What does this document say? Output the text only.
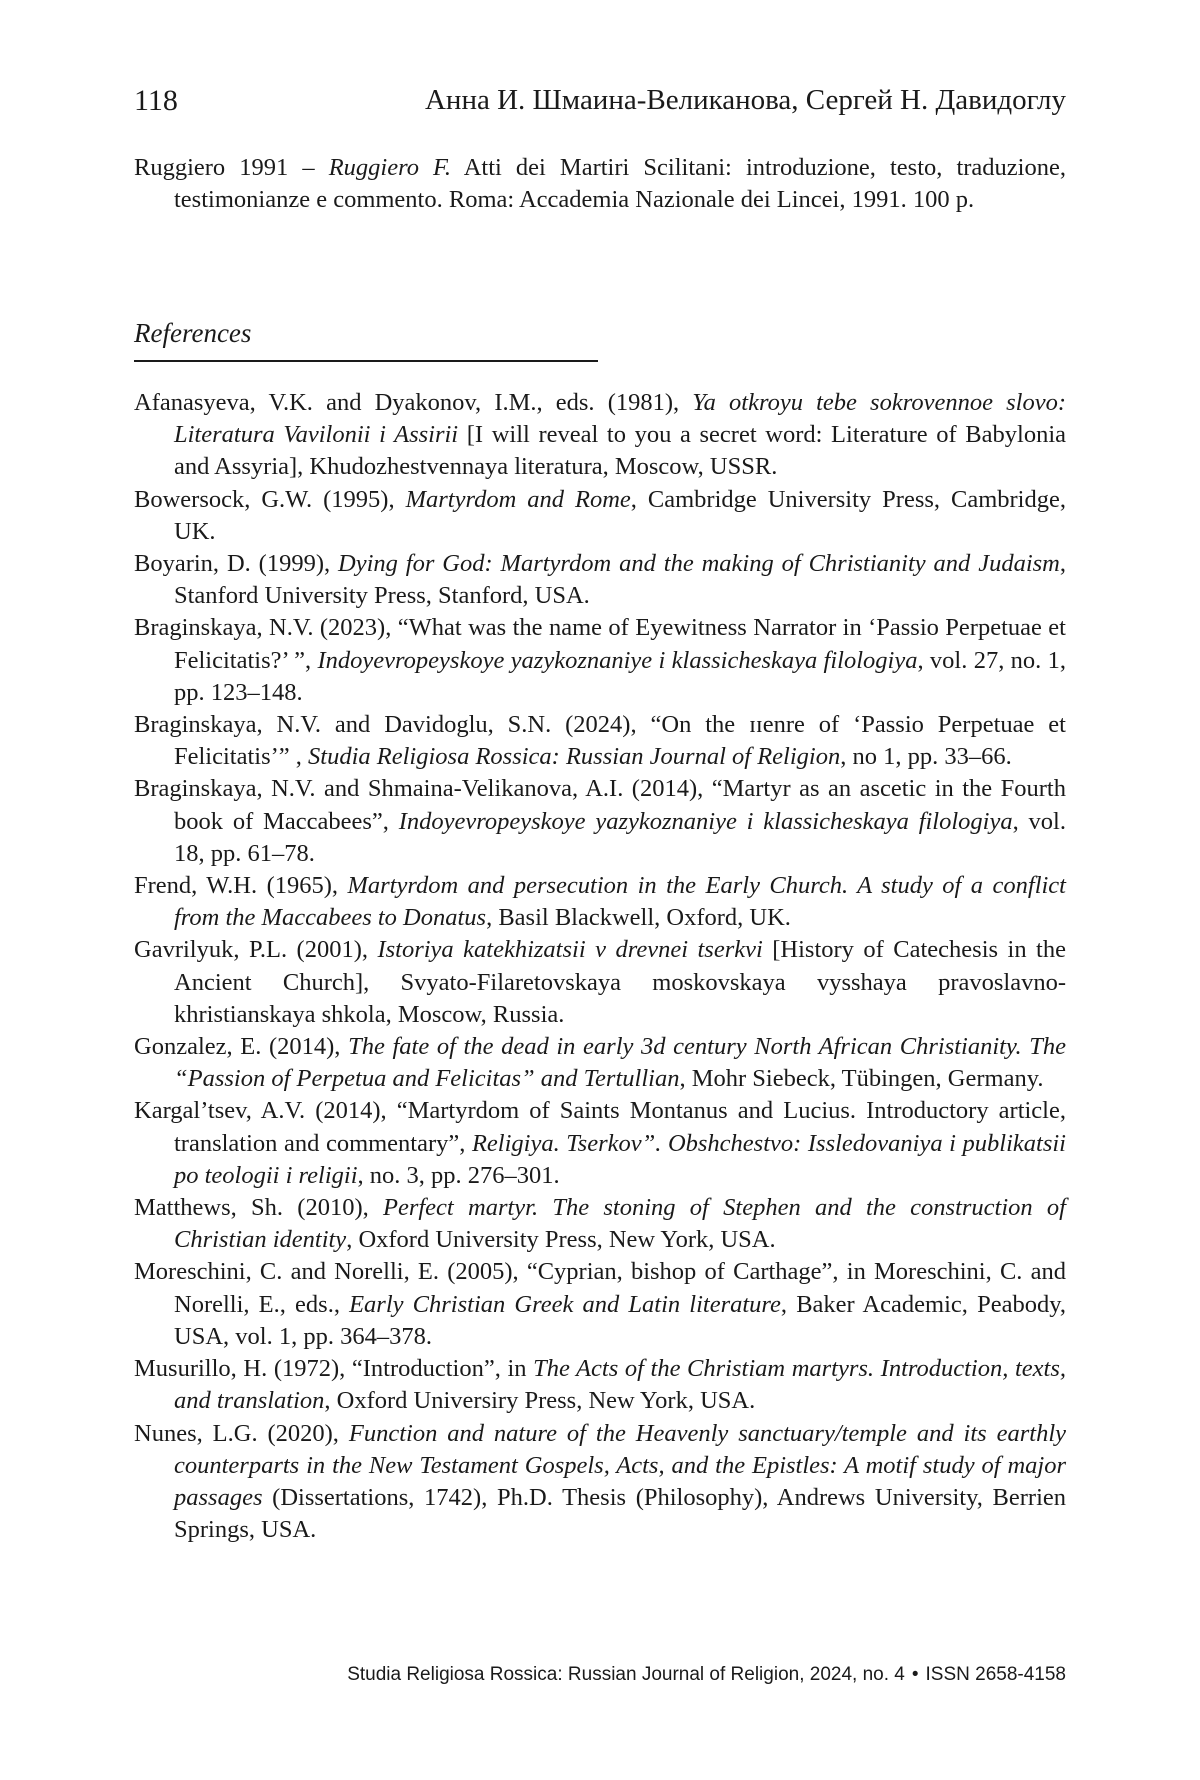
118	Анна И. Шмаина-Великанова, Сергей Н. Давидоглу

Ruggiero 1991 – Ruggiero F. Atti dei Martiri Scilitani: introduzione, testo, traduzione, testimonianze e commento. Roma: Accademia Nazionale dei Lincei, 1991. 100 p.

References

Afanasyeva, V.K. and Dyakonov, I.M., eds. (1981), Ya otkroyu tebe sokrovennoe slovo: Literatura Vavilonii i Assirii [I will reveal to you a secret word: Literature of Babylonia and Assyria], Khudozhestvennaya literatura, Moscow, USSR.

Bowersock, G.W. (1995), Martyrdom and Rome, Cambridge University Press, Cambridge, UK.

Boyarin, D. (1999), Dying for God: Martyrdom and the making of Christianity and Judaism, Stanford University Press, Stanford, USA.

Braginskaya, N.V. (2023), “What was the name of Eyewitness Narrator in ‘Passio Perpetuae et Felicitatis?’ ”, Indoyevropeyskoye yazykoznaniye i klassicheskaya filologiya, vol. 27, no. 1, pp. 123–148.

Braginskaya, N.V. and Davidoglu, S.N. (2024), “On the ɪɪenre of ‘Passio Perpetuae et Felicitatis’” , Studia Religiosa Rossica: Russian Journal of Religion, no 1, pp. 33–66.

Braginskaya, N.V. and Shmaina-Velikanova, A.I. (2014), “Martyr as an ascetic in the Fourth book of Maccabees”, Indoyevropeyskoye yazykoznaniye i klassicheskaya filologiya, vol. 18, pp. 61–78.

Frend, W.H. (1965), Martyrdom and persecution in the Early Church. A study of a conflict from the Maccabees to Donatus, Basil Blackwell, Oxford, UK.

Gavrilyuk, P.L. (2001), Istoriya katekhizatsii v drevnei tserkvi [History of Catechesis in the Ancient Church], Svyato-Filaretovskaya moskovskaya vysshaya pravoslavno-khristianskaya shkola, Moscow, Russia.

Gonzalez, E. (2014), The fate of the dead in early 3d century North African Christianity. The “Passion of Perpetua and Felicitas” and Tertullian, Mohr Siebeck, Tübingen, Germany.

Kargal’tsev, A.V. (2014), “Martyrdom of Saints Montanus and Lucius. Introductory article, translation and commentary”, Religiya. Tserkov”. Obshchestvo: Issledovaniya i publikatsii po teologii i religii, no. 3, pp. 276–301.

Matthews, Sh. (2010), Perfect martyr. The stoning of Stephen and the construction of Christian identity, Oxford University Press, New York, USA.

Moreschini, C. and Norelli, E. (2005), “Cyprian, bishop of Carthage”, in Moreschini, C. and Norelli, E., eds., Early Christian Greek and Latin literature, Baker Academic, Peabody, USA, vol. 1, pp. 364–378.

Musurillo, H. (1972), “Introduction”, in The Acts of the Christiam martyrs. Introduction, texts, and translation, Oxford Universiry Press, New York, USA.

Nunes, L.G. (2020), Function and nature of the Heavenly sanctuary/temple and its earthly counterparts in the New Testament Gospels, Acts, and the Epistles: A motif study of major passages (Dissertations, 1742), Ph.D. Thesis (Philosophy), Andrews University, Berrien Springs, USA.

Studia Religiosa Rossica: Russian Journal of Religion, 2024, no. 4 • ISSN 2658-4158
